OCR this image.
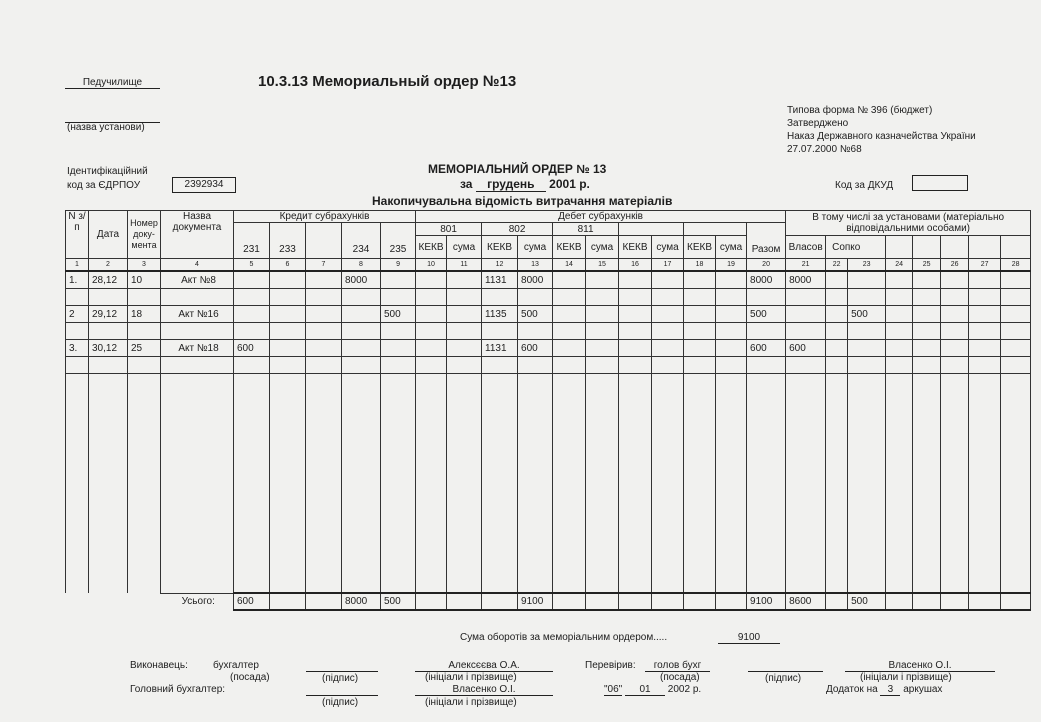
Педучилище	10.3.13 Мемориальный ордер №13
(назва установи)
Типова форма № 396 (бюджет)
Затверджено
Наказ Державного казначейства України
27.07.2000 №68
Ідентифікаційний
код за ЄДРПОУ	2392934
МЕМОРІАЛЬНИЙ ОРДЕР № 13
за грудень 2001 р.
Накопичувальна відомість витрачання матеріалів
Код за ДКУД
N з/п	Дата	Номер доку-мента	Назва документа	Кредит субрахунків					Дебет субрахунків											В тому числі за установами (матеріально відповідальними особами)							
				231	233		234	235	801		802		811						Разом								
									КЕКВ	сума	КЕКВ	сума	КЕКВ	сума	КЕКВ	сума	КЕКВ	сума		Власов	Сопко						
1	2	3	4	5	6	7	8	9	10	11	12	13	14	15	16	17	18	19	20	21	22	23	24	25	26	27	28
1.	28,12	10	Акт №8				8000				1131	8000							8000	8000							

2	29,12	18	Акт №16					500			1135	500							500			500					

3.	30,12	25	Акт №18	600							1131	600							600	600							

			Усього:	600			8000	500				9100							9100	8600		500					
Сума оборотів за меморіальним ордером.....	9100
Виконавець:	бухгалтер
(посада)	(підпис)
Алексєєва О.А.
(ініціали і прізвище)
Головний бухгалтер:
(підпис)
Власенко О.І.
(ініціали і прізвище)
Перевірив:	голов бухг
(посада)	(підпис)
Власенко О.І.
(ініціали і прізвище)
"06" 01 2002 р.	Додаток на 3 аркушах
